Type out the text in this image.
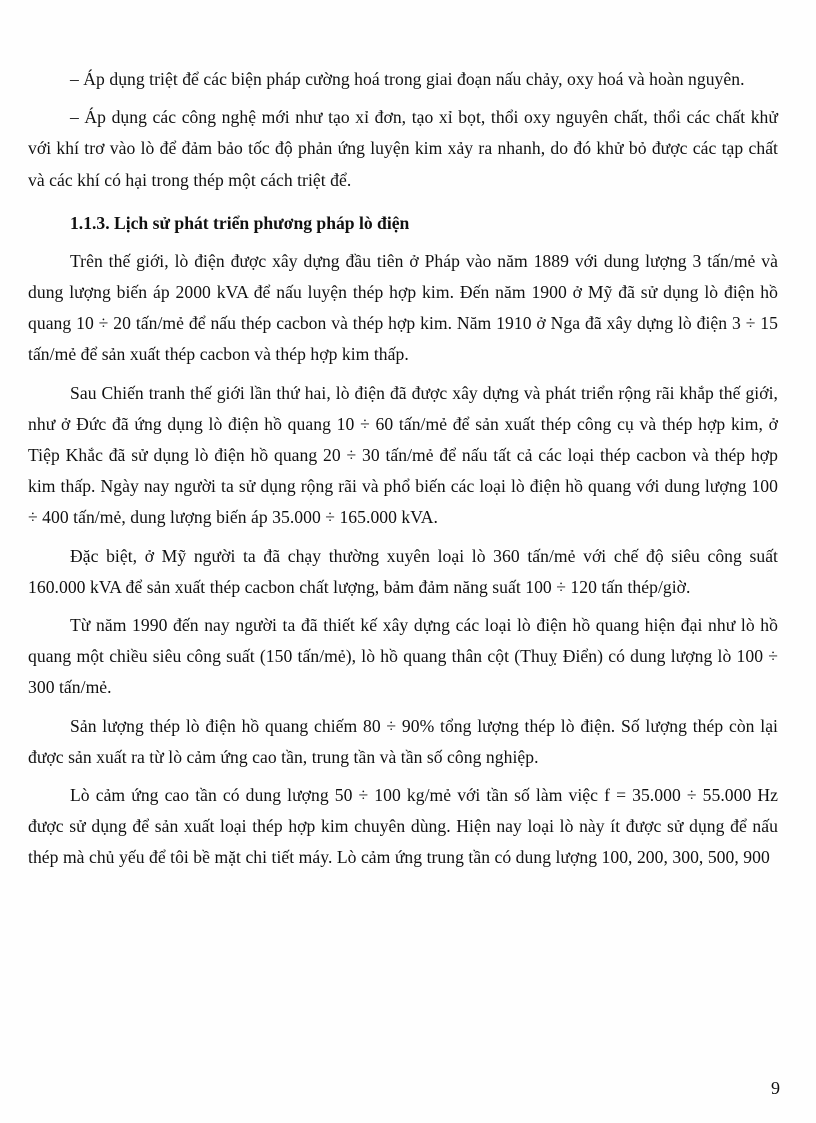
– Áp dụng triệt để các biện pháp cường hoá trong giai đoạn nấu chảy, oxy hoá và hoàn nguyên.

– Áp dụng các công nghệ mới như tạo xỉ đơn, tạo xỉ bọt, thổi oxy nguyên chất, thổi các chất khử với khí trơ vào lò để đảm bảo tốc độ phản ứng luyện kim xảy ra nhanh, do đó khử bỏ được các tạp chất và các khí có hại trong thép một cách triệt để.

1.1.3. Lịch sử phát triển phương pháp lò điện

Trên thế giới, lò điện được xây dựng đầu tiên ở Pháp vào năm 1889 với dung lượng 3 tấn/mẻ và dung lượng biến áp 2000 kVA để nấu luyện thép hợp kim. Đến năm 1900 ở Mỹ đã sử dụng lò điện hồ quang 10 ÷ 20 tấn/mẻ để nấu thép cacbon và thép hợp kim. Năm 1910 ở Nga đã xây dựng lò điện 3 ÷ 15 tấn/mẻ để sản xuất thép cacbon và thép hợp kim thấp.

Sau Chiến tranh thế giới lần thứ hai, lò điện đã được xây dựng và phát triển rộng rãi khắp thế giới, như ở Đức đã ứng dụng lò điện hồ quang 10 ÷ 60 tấn/mẻ để sản xuất thép công cụ và thép hợp kim, ở Tiệp Khắc đã sử dụng lò điện hồ quang 20 ÷ 30 tấn/mẻ để nấu tất cả các loại thép cacbon và thép hợp kim thấp. Ngày nay người ta sử dụng rộng rãi và phổ biến các loại lò điện hồ quang với dung lượng 100 ÷ 400 tấn/mẻ, dung lượng biến áp 35.000 ÷ 165.000 kVA.

Đặc biệt, ở Mỹ người ta đã chạy thường xuyên loại lò 360 tấn/mẻ với chế độ siêu công suất 160.000 kVA để sản xuất thép cacbon chất lượng, bảm đảm năng suất 100 ÷ 120 tấn thép/giờ.

Từ năm 1990 đến nay người ta đã thiết kế xây dựng các loại lò điện hồ quang hiện đại như lò hồ quang một chiều siêu công suất (150 tấn/mẻ), lò hồ quang thân cột (Thuỵ Điển) có dung lượng lò 100 ÷ 300 tấn/mẻ.

Sản lượng thép lò điện hồ quang chiếm 80 ÷ 90% tổng lượng thép lò điện. Số lượng thép còn lại được sản xuất ra từ lò cảm ứng cao tần, trung tần và tần số công nghiệp.

Lò cảm ứng cao tần có dung lượng 50 ÷ 100 kg/mẻ với tần số làm việc f = 35.000 ÷ 55.000 Hz được sử dụng để sản xuất loại thép hợp kim chuyên dùng. Hiện nay loại lò này ít được sử dụng để nấu thép mà chủ yếu để tôi bề mặt chi tiết máy. Lò cảm ứng trung tần có dung lượng 100, 200, 300, 500, 900

9
